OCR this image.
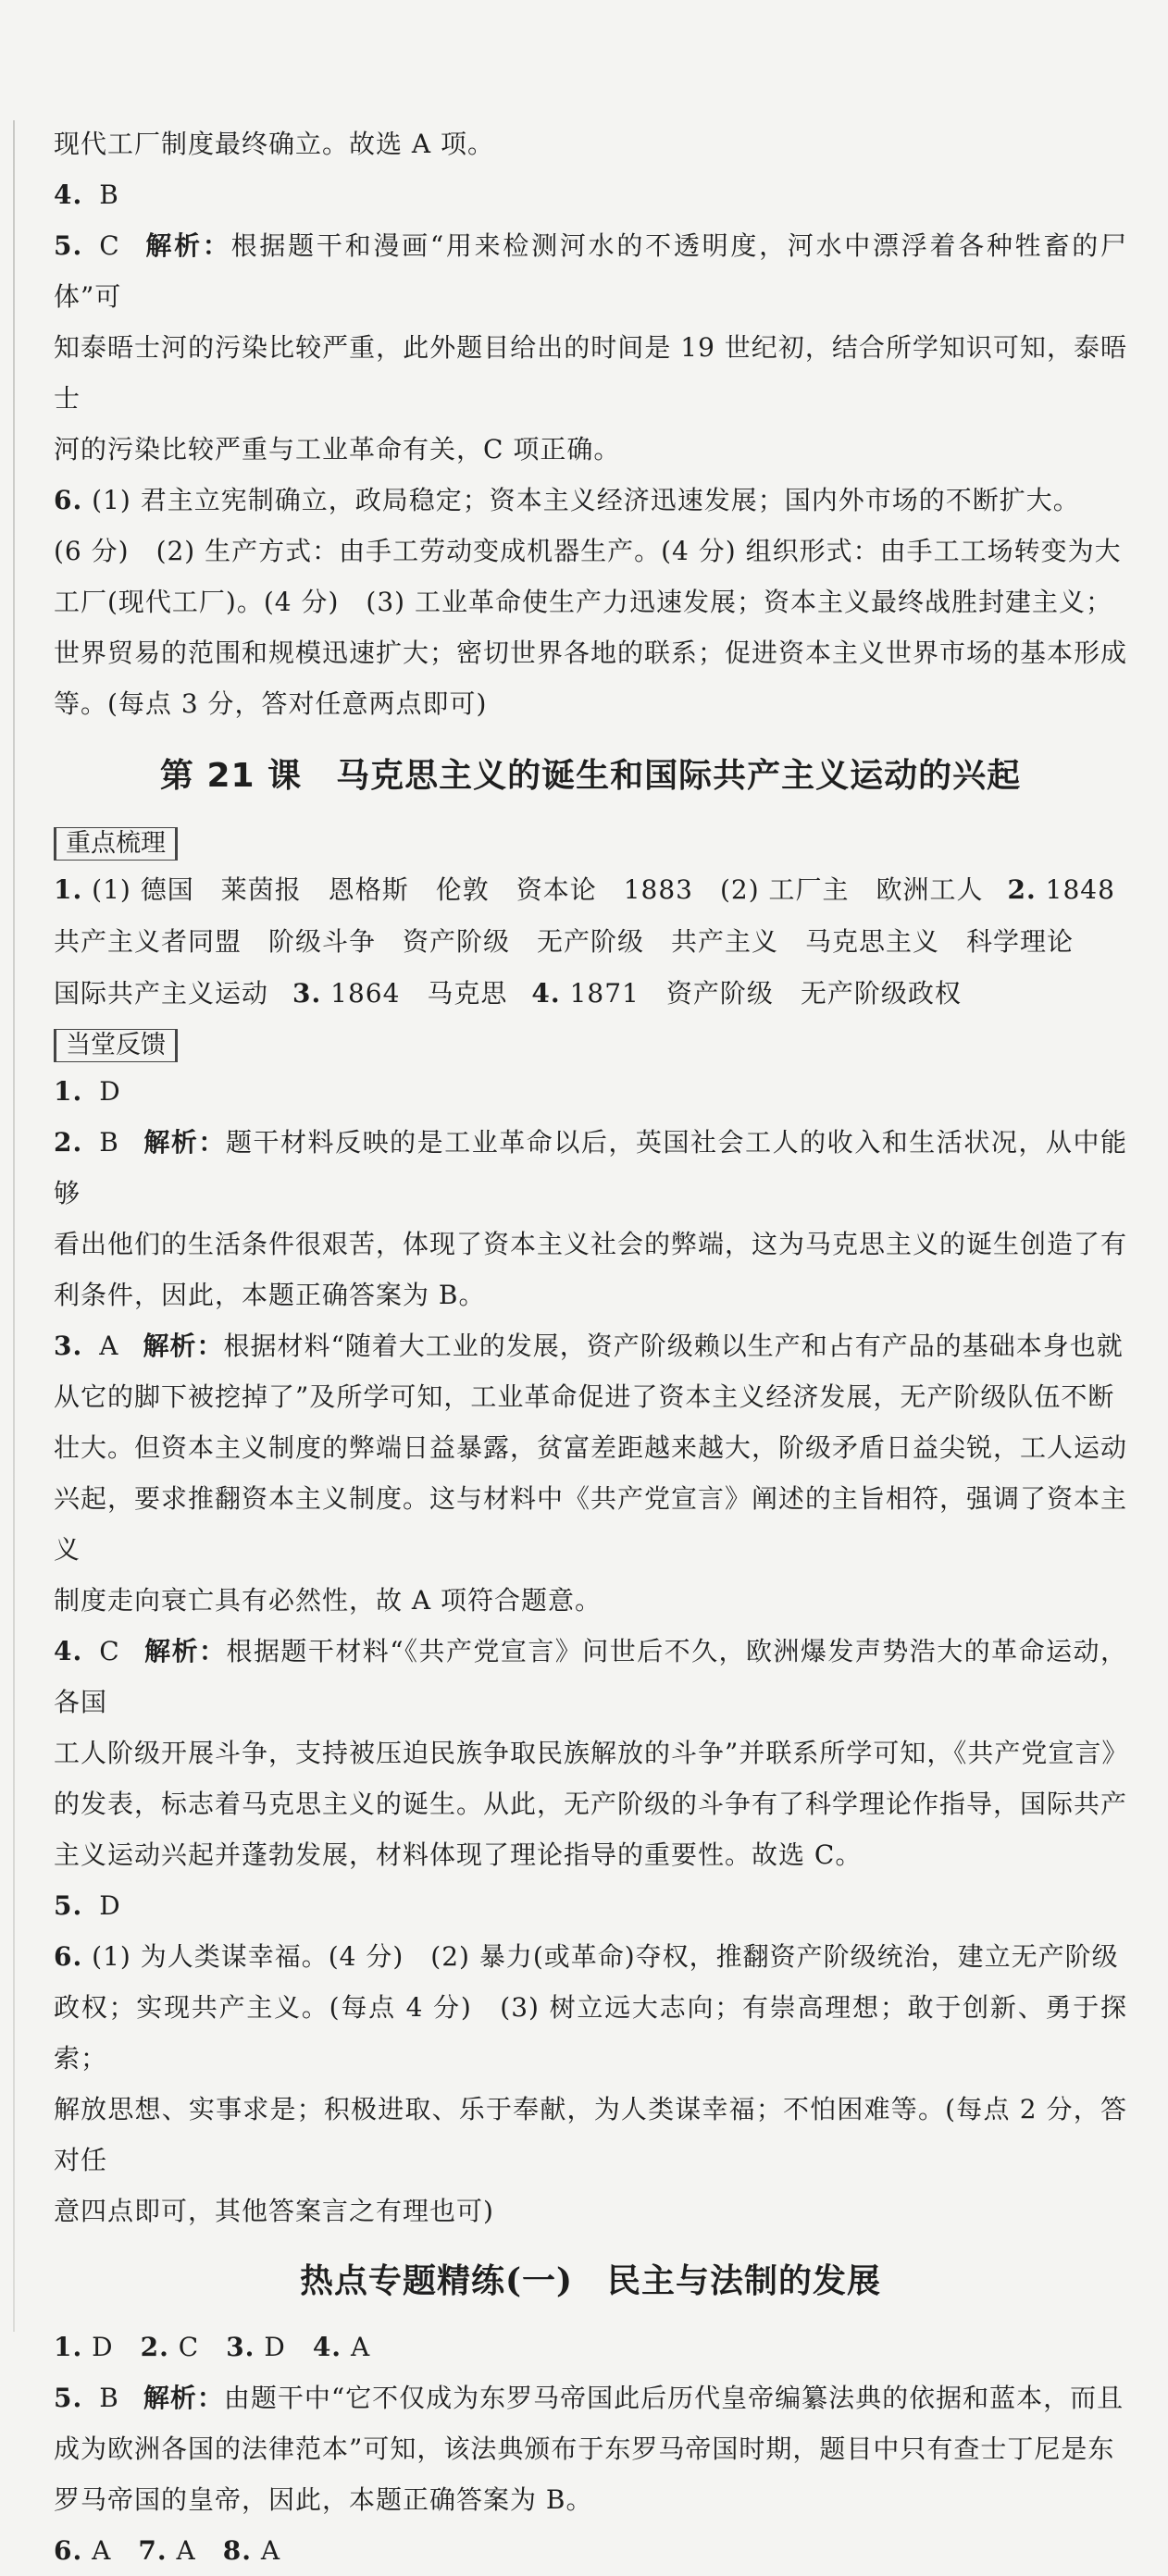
现代工厂制度最终确立。故选 A 项。

4. B

5. C 解析：根据题干和漫画“用来检测河水的不透明度，河水中漂浮着各种牲畜的尸体”可

知泰晤士河的污染比较严重，此外题目给出的时间是 19 世纪初，结合所学知识可知，泰晤士

河的污染比较严重与工业革命有关，C 项正确。

6. (1) 君主立宪制确立，政局稳定；资本主义经济迅速发展；国内外市场的不断扩大。

(6 分)　(2) 生产方式：由手工劳动变成机器生产。(4 分) 组织形式：由手工工场转变为大

工厂(现代工厂)。(4 分)　(3) 工业革命使生产力迅速发展；资本主义最终战胜封建主义；

世界贸易的范围和规模迅速扩大；密切世界各地的联系；促进资本主义世界市场的基本形成

等。(每点 3 分，答对任意两点即可)

第 21 课　马克思主义的诞生和国际共产主义运动的兴起
重点梳理

1. (1) 德国　莱茵报　恩格斯　伦敦　资本论　1883　(2) 工厂主　欧洲工人 2. 1848

共产主义者同盟　阶级斗争　资产阶级　无产阶级　共产主义　马克思主义　科学理论

国际共产主义运动 3. 1864　马克思 4. 1871　资产阶级　无产阶级政权

当堂反馈

1. D

2. B 解析：题干材料反映的是工业革命以后，英国社会工人的收入和生活状况，从中能够

看出他们的生活条件很艰苦，体现了资本主义社会的弊端，这为马克思主义的诞生创造了有

利条件，因此，本题正确答案为 B。

3. A 解析：根据材料“随着大工业的发展，资产阶级赖以生产和占有产品的基础本身也就

从它的脚下被挖掉了”及所学可知，工业革命促进了资本主义经济发展，无产阶级队伍不断

壮大。但资本主义制度的弊端日益暴露，贫富差距越来越大，阶级矛盾日益尖锐，工人运动

兴起，要求推翻资本主义制度。这与材料中《共产党宣言》阐述的主旨相符，强调了资本主义

制度走向衰亡具有必然性，故 A 项符合题意。

4. C 解析：根据题干材料“《共产党宣言》问世后不久，欧洲爆发声势浩大的革命运动，各国

工人阶级开展斗争，支持被压迫民族争取民族解放的斗争”并联系所学可知，《共产党宣言》

的发表，标志着马克思主义的诞生。从此，无产阶级的斗争有了科学理论作指导，国际共产

主义运动兴起并蓬勃发展，材料体现了理论指导的重要性。故选 C。

5. D

6. (1) 为人类谋幸福。(4 分)　(2) 暴力(或革命)夺权，推翻资产阶级统治，建立无产阶级

政权；实现共产主义。(每点 4 分)　(3) 树立远大志向；有崇高理想；敢于创新、勇于探索；

解放思想、实事求是；积极进取、乐于奉献，为人类谋幸福；不怕困难等。(每点 2 分，答对任

意四点即可，其他答案言之有理也可)

热点专题精练(一)　民主与法制的发展

1. D　 2. C　 3. D　 4. A

5. B 解析：由题干中“它不仅成为东罗马帝国此后历代皇帝编纂法典的依据和蓝本，而且

成为欧洲各国的法律范本”可知，该法典颁布于东罗马帝国时期，题目中只有查士丁尼是东

罗马帝国的皇帝，因此，本题正确答案为 B。

6. A　 7. A　 8. A
